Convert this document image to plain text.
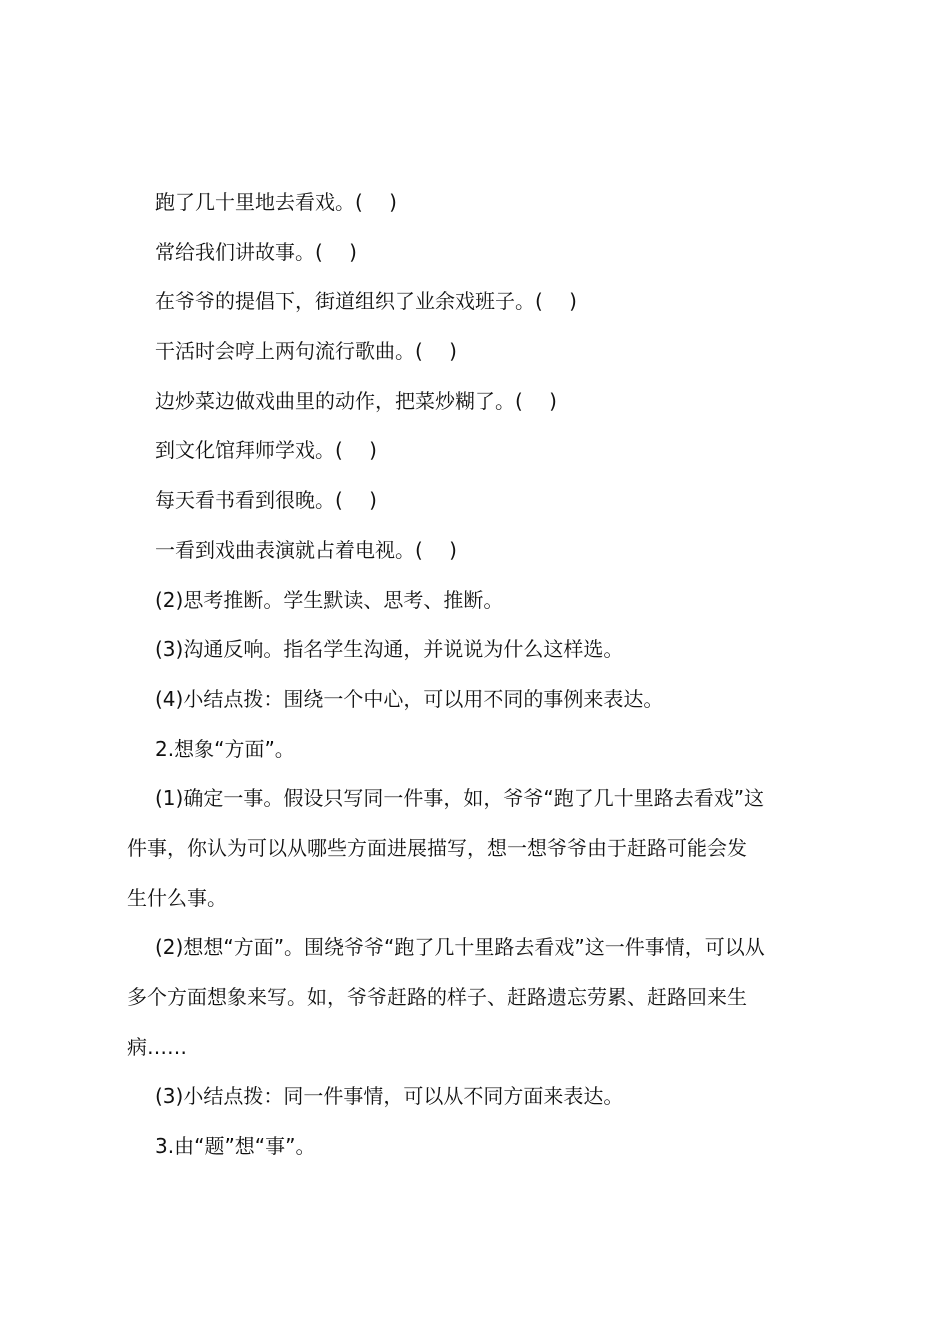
跑了几十里地去看戏。(　 )
常给我们讲故事。(　 )
在爷爷的提倡下，街道组织了业余戏班子。(　 )
干活时会哼上两句流行歌曲。(　 )
边炒菜边做戏曲里的动作，把菜炒糊了。(　 )
到文化馆拜师学戏。(　 )
每天看书看到很晚。(　 )
一看到戏曲表演就占着电视。(　 )
(2)思考推断。学生默读、思考、推断。
(3)沟通反响。指名学生沟通，并说说为什么这样选。
(4)小结点拨：围绕一个中心，可以用不同的事例来表达。
2.想象“方面”。
(1)确定一事。假设只写同一件事，如，爷爷“跑了几十里路去看戏”这
件事，你认为可以从哪些方面进展描写，想一想爷爷由于赶路可能会发
生什么事。
(2)想想“方面”。围绕爷爷“跑了几十里路去看戏”这一件事情，可以从
多个方面想象来写。如，爷爷赶路的样子、赶路遗忘劳累、赶路回来生
病……
(3)小结点拨：同一件事情，可以从不同方面来表达。
3.由“题”想“事”。
